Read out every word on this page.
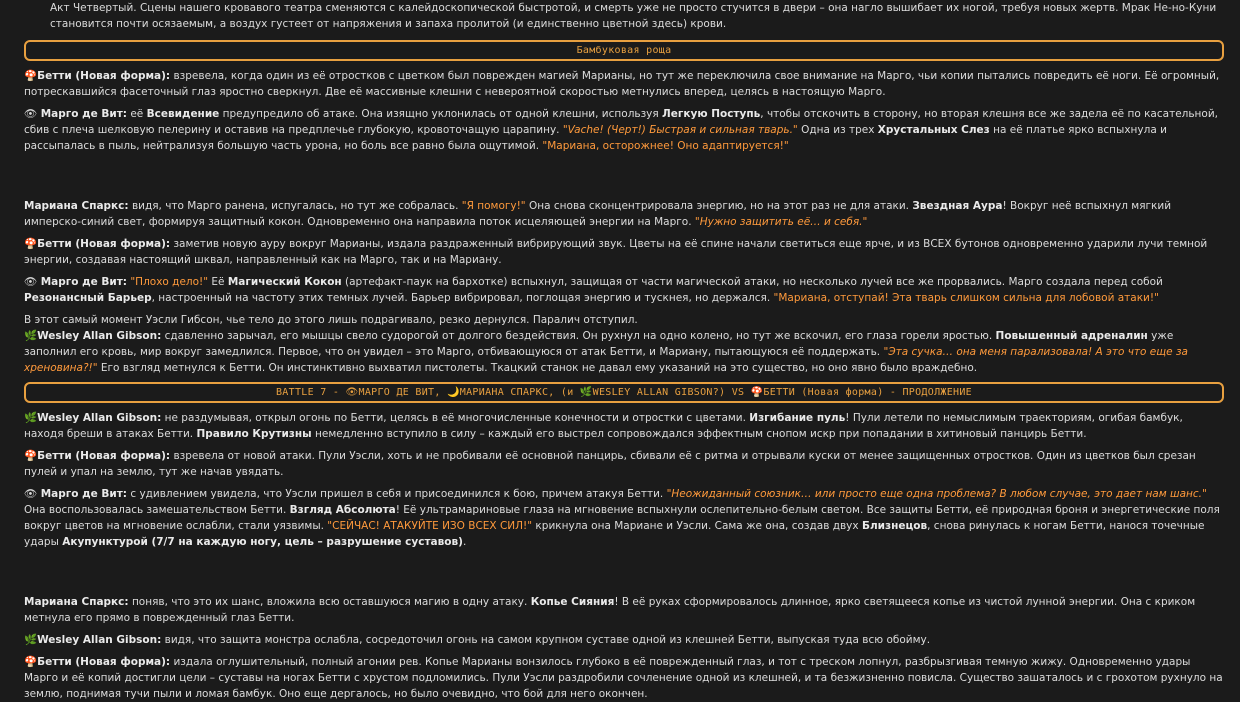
Акт Четвертый. Сцены нашего кровавого театра сменяются с калейдоскопической быстротой, и смерть уже не просто стучится в двери – она нагло вышибает их ногой, требуя новых жертв. Мрак Не-но-Куни становится почти осязаемым, а воздух густеет от напряжения и запаха пролитой (и единственно цветной здесь) крови.

Бамбуковая роща

🍄Бетти (Новая форма): взревела, когда один из её отростков с цветком был поврежден магией Марианы, но тут же переключила свое внимание на Марго, чьи копии пытались повредить её ноги. Её огромный, потрескавшийся фасеточный глаз яростно сверкнул. Две её массивные клешни с невероятной скоростью метнулись вперед, целясь в настоящую Марго.

👁 Марго де Вит: её Всевидение предупредило об атаке. Она изящно уклонилась от одной клешни, используя Легкую Поступь, чтобы отскочить в сторону, но вторая клешня все же задела её по касательной, сбив с плеча шелковую пелерину и оставив на предплечье глубокую, кровоточащую царапину. "Vache! (Черт!) Быстрая и сильная тварь." Одна из трех Хрустальных Слез на её платье ярко вспыхнула и рассыпалась в пыль, нейтрализуя большую часть урона, но боль все равно была ощутимой. "Мариана, осторожнее! Оно адаптируется!"

Мариана Спаркс: видя, что Марго ранена, испугалась, но тут же собралась. "Я помогу!" Она снова сконцентрировала энергию, но на этот раз не для атаки. Звездная Аура! Вокруг неё вспыхнул мягкий имперско-синий свет, формируя защитный кокон. Одновременно она направила поток исцеляющей энергии на Марго. "Нужно защитить её… и себя."

🍄Бетти (Новая форма): заметив новую ауру вокруг Марианы, издала раздраженный вибрирующий звук. Цветы на её спине начали светиться еще ярче, и из ВСЕХ бутонов одновременно ударили лучи темной энергии, создавая настоящий шквал, направленный как на Марго, так и на Мариану.

👁 Марго де Вит: "Плохо дело!" Её Магический Кокон (артефакт-паук на бархотке) вспыхнул, защищая от части магической атаки, но несколько лучей все же прорвались. Марго создала перед собой Резонансный Барьер, настроенный на частоту этих темных лучей. Барьер вибрировал, поглощая энергию и тускнея, но держался. "Мариана, отступай! Эта тварь слишком сильна для лобовой атаки!"

В этот самый момент Уэсли Гибсон, чье тело до этого лишь подрагивало, резко дернулся. Паралич отступил.

🌿Wesley Allan Gibson: сдавленно зарычал, его мышцы свело судорогой от долгого бездействия. Он рухнул на одно колено, но тут же вскочил, его глаза горели яростью. Повышенный адреналин уже заполнил его кровь, мир вокруг замедлился. Первое, что он увидел – это Марго, отбивающуюся от атак Бетти, и Мариану, пытающуюся её поддержать. "Эта сучка… она меня парализовала! А это что еще за хреновина?!" Его взгляд метнулся к Бетти. Он инстинктивно выхватил пистолеты. Ткацкий станок не давал ему указаний на это существо, но оно явно было враждебно.

BATTLE 7 - 👁МАРГО ДЕ ВИТ, 🌙МАРИАНА СПАРКС, (и 🌿WESLEY ALLAN GIBSON?) VS 🍄БЕТТИ (Новая форма) - ПРОДОЛЖЕНИЕ

🌿Wesley Allan Gibson: не раздумывая, открыл огонь по Бетти, целясь в её многочисленные конечности и отростки с цветами. Изгибание пуль! Пули летели по немыслимым траекториям, огибая бамбук, находя бреши в атаках Бетти. Правило Крутизны немедленно вступило в силу – каждый его выстрел сопровождался эффектным снопом искр при попадании в хитиновый панцирь Бетти.

🍄Бетти (Новая форма): взревела от новой атаки. Пули Уэсли, хоть и не пробивали её основной панцирь, сбивали её с ритма и отрывали куски от менее защищенных отростков. Один из цветков был срезан пулей и упал на землю, тут же начав увядать.

👁 Марго де Вит: с удивлением увидела, что Уэсли пришел в себя и присоединился к бою, причем атакуя Бетти. "Неожиданный союзник… или просто еще одна проблема? В любом случае, это дает нам шанс." Она воспользовалась замешательством Бетти. Взгляд Абсолюта! Её ультрамариновые глаза на мгновение вспыхнули ослепительно-белым светом. Все защиты Бетти, её природная броня и энергетические поля вокруг цветов на мгновение ослабли, стали уязвимы. "СЕЙЧАС! АТАКУЙТЕ ИЗО ВСЕХ СИЛ!" крикнула она Мариане и Уэсли. Сама же она, создав двух Близнецов, снова ринулась к ногам Бетти, нанося точечные удары Акупунктурой (7/7 на каждую ногу, цель – разрушение суставов).

Мариана Спаркс: поняв, что это их шанс, вложила всю оставшуюся магию в одну атаку. Копье Сияния! В её руках сформировалось длинное, ярко светящееся копье из чистой лунной энергии. Она с криком метнула его прямо в поврежденный глаз Бетти.

🌿Wesley Allan Gibson: видя, что защита монстра ослабла, сосредоточил огонь на самом крупном суставе одной из клешней Бетти, выпуская туда всю обойму.

🍄Бетти (Новая форма): издала оглушительный, полный агонии рев. Копье Марианы вонзилось глубоко в её поврежденный глаз, и тот с треском лопнул, разбрызгивая темную жижу. Одновременно удары Марго и её копий достигли цели – суставы на ногах Бетти с хрустом подломились. Пули Уэсли раздробили сочленение одной из клешней, и та безжизненно повисла. Существо зашаталось и с грохотом рухнуло на землю, поднимая тучи пыли и ломая бамбук. Оно еще дергалось, но было очевидно, что бой для него окончен.
